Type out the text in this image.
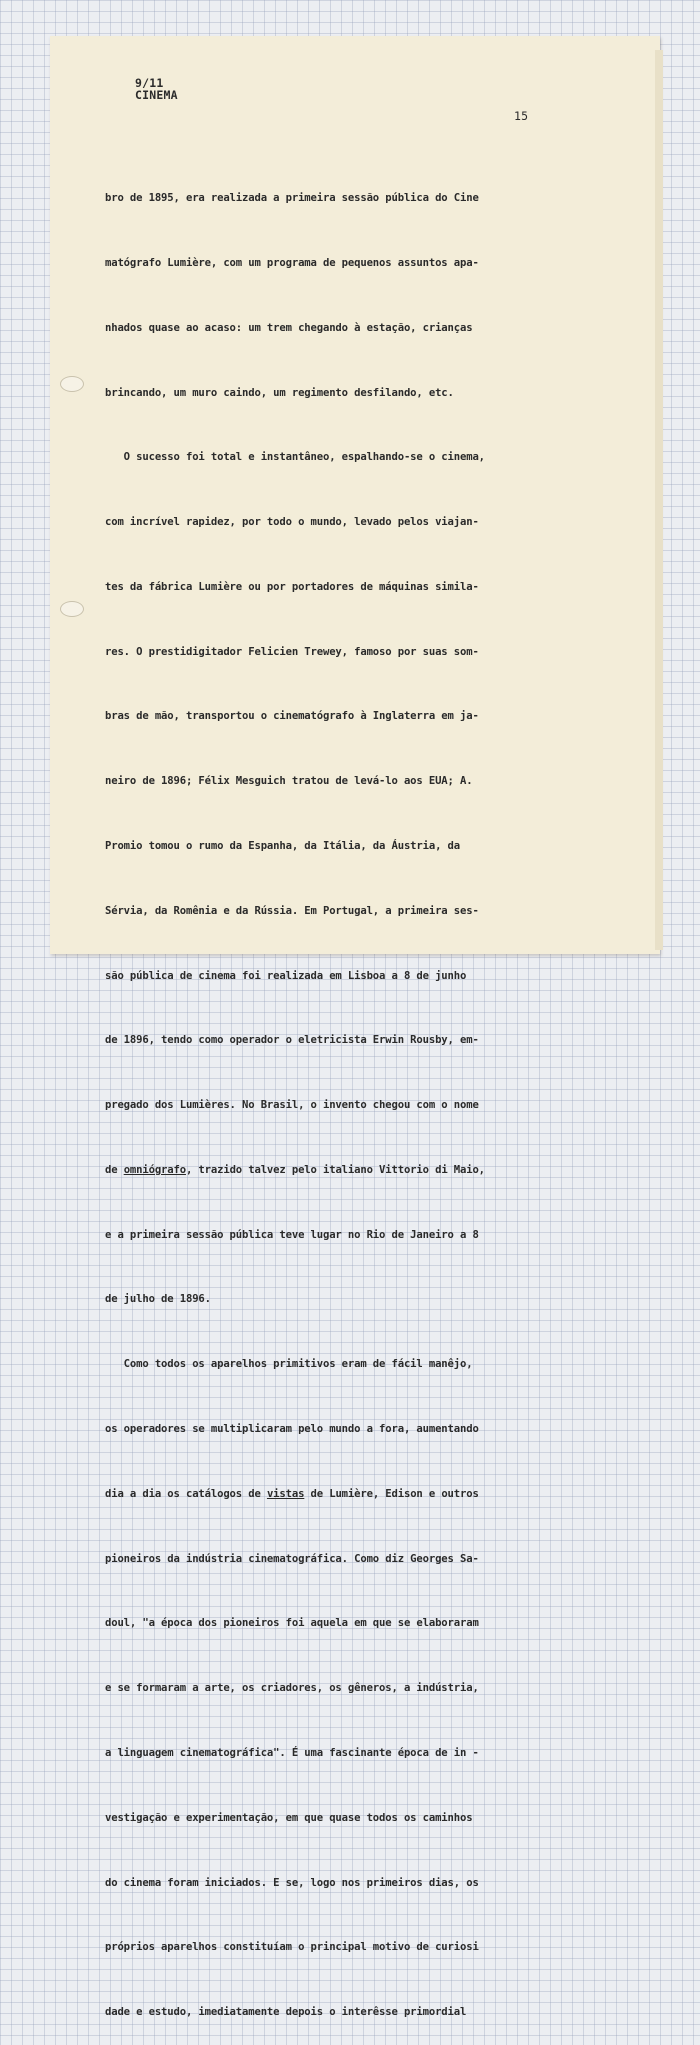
9/11
CINEMA
15

bro de 1895, era realizada a primeira sessão pública do Cine

matógrafo Lumière, com um programa de pequenos assuntos apa-

nhados quase ao acaso: um trem chegando à estação, crianças

brincando, um muro caindo, um regimento desfilando, etc.

O sucesso foi total e instantâneo, espalhando-se o cinema,

com incrível rapidez, por todo o mundo, levado pelos viajan-

tes da fábrica Lumière ou por portadores de máquinas simila-

res. O prestidigitador Felicien Trewey, famoso por suas som-

bras de mão, transportou o cinematógrafo à Inglaterra em ja-

neiro de 1896; Félix Mesguich tratou de levá-lo aos EUA; A.

Promio tomou o rumo da Espanha, da Itália, da Áustria, da

Sérvia, da Romênia e da Rússia. Em Portugal, a primeira ses-

são pública de cinema foi realizada em Lisboa a 8 de junho

de 1896, tendo como operador o eletricista Erwin Rousby, em-

pregado dos Lumières. No Brasil, o invento chegou com o nome

de omniógrafo, trazido talvez pelo italiano Vittorio di Maio,

e a primeira sessão pública teve lugar no Rio de Janeiro a 8

de julho de 1896.

Como todos os aparelhos primitivos eram de fácil manêjo,

os operadores se multiplicaram pelo mundo a fora, aumentando

dia a dia os catálogos de vistas de Lumière, Edison e outros

pioneiros da indústria cinematográfica. Como diz Georges Sa-

doul, "a época dos pioneiros foi aquela em que se elaboraram

e se formaram a arte, os criadores, os gêneros, a indústria,

a linguagem cinematográfica". É uma fascinante época de in -

vestigação e experimentação, em que quase todos os caminhos

do cinema foram iniciados. E se, logo nos primeiros dias, os

próprios aparelhos constituíam o principal motivo de curiosi

dade e estudo, imediatamente depois o interêsse primordial
